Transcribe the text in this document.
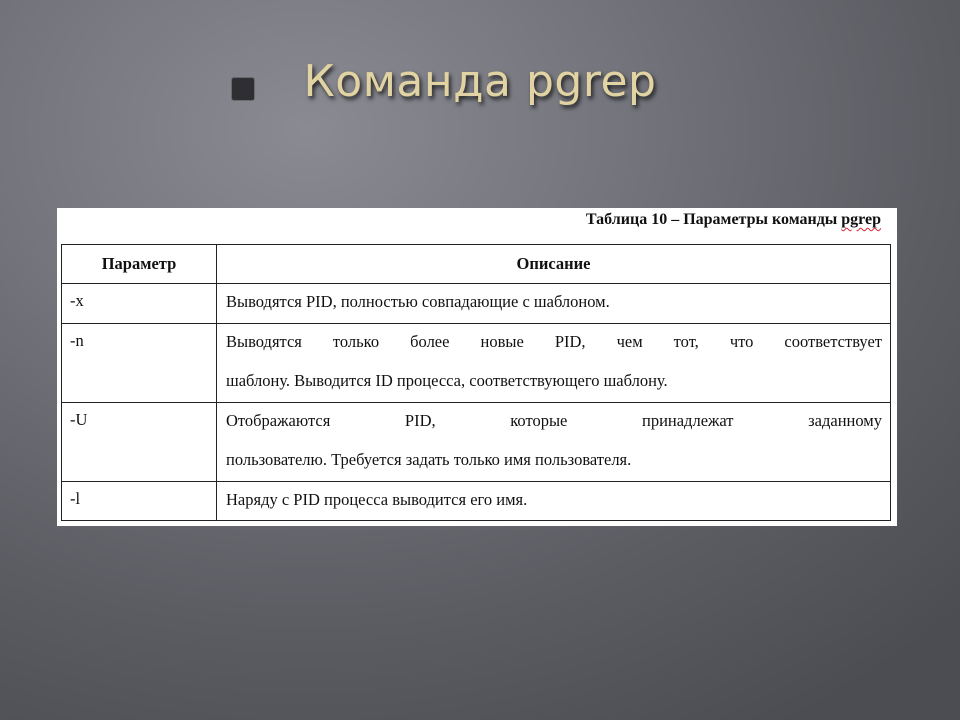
Команда pgrep
Таблица 10 – Параметры команды pgrep
Параметр	Описание
-x	Выводятся PID, полностью совпадающие с шаблоном.

-n	Выводятся только более новые PID, чем тот, что соответствует
шаблону. Выводится ID процесса, соответствующего шаблону.

-U	Отображаются PID, которые принадлежат заданному
пользователю. Требуется задать только имя пользователя.

-l	Наряду с PID процесса выводится его имя.
